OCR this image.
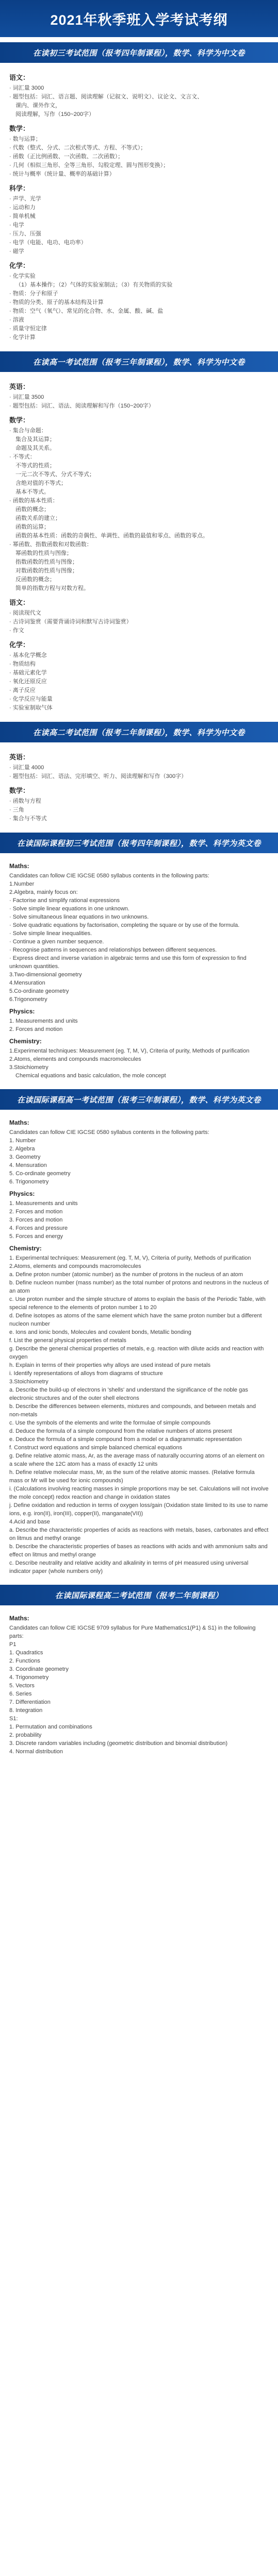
2021年秋季班入学考试考纲
在读初三考试范围（报考四年制课程），数学、科学为中文卷
语文：
· 词汇量 3000
· 题型包括：词汇、语言题、阅读理解（记叙文、说明文）、议论文、文言文、
课内、课外作文，
阅读理解，写作（150~200字）
数学：
· 数与运算；
· 代数（整式、分式、二次根式等式、方程、不等式）；
· 函数（正比例函数、一次函数、二次函数）；
· 几何（相似三角形、全等三角形、勾股定理、圆与图形变换）；
· 统计与概率（统计量、概率的基础计算）
科学：
· 声学、光学
· 运动和力
· 简单机械
· 电学
· 压力、压强
· 电学（电能、电功、电功率）
· 磁学
化学：
· 化学实验
（1）基本操作；（2）气体的实验室制法；（3）有关物质的实验
· 物质：分子和原子
· 物质的分类、原子的基本结构及计算
· 物质：空气（氧气）、常见的化合物、水、金属、酸、碱、盐
· 溶液
· 质量守恒定律
· 化学计算
在读高一考试范围（报考三年制课程），数学、科学为中文卷
英语：
· 词汇量 3500
· 题型包括：词汇、语法、阅读理解和写作（150~200字）
数学：
· 集合与命题：
集合及其运算；
命题及其关系。
· 不等式：
不等式的性质；
一元二次不等式、分式不等式；
含绝对值的不等式；
基本不等式。
· 函数的基本性质：
函数的概念；
函数关系的建立；
函数的运算；
函数的基本性质：函数的奇偶性、单调性、函数的最值和零点、函数的零点。
· 幂函数、指数函数和对数函数：
幂函数的性质与图像；
指数函数的性质与图像；
对数函数的性质与图像；
反函数的概念；
简单的指数方程与对数方程。
语文：
· 阅读现代文
· 古诗词鉴赏（需要背诵诗词和默写古诗词鉴赏）
· 作文
化学：
· 基本化学概念
· 物质结构
· 基础元素化学
· 氧化还原反应
· 离子反应
· 化学反应与能量
· 实验室制取气体
在读高二考试范围（报考二年制课程），数学、科学为中文卷
英语：
· 词汇量 4000
· 题型包括：词汇、语法、完形填空、听力、阅读理解和写作（300字）
数学：
· 函数与方程
· 三角
· 集合与不等式
在读国际课程初三考试范围（报考四年制课程），数学、科学为英文卷
Maths:
Candidates can follow CIE IGCSE 0580 syllabus contents in the following parts:
1.Number
2.Algebra, mainly focus on:
· Factorise and simplify rational expressions
· Solve simple linear equations in one unknown.
· Solve simultaneous linear equations in two unknowns.
· Solve quadratic equations by factorisation, completing the square or by use of the formula.
· Solve simple linear inequalities.
· Continue a given number sequence.
· Recognise patterns in sequences and relationships between different sequences.
· Express direct and inverse variation in algebraic terms and use this form of expression to find unknown quantities.
3.Two-dimensional geometry
4.Mensuration
5.Co-ordinate geometry
6.Trigonometry
Physics:
1. Measurements and units
2. Forces and motion
Chemistry:
1.Experimental techniques: Measurement (eg. T, M, V), Criteria of purity, Methods of purification
2.Atoms, elements and compounds macromolecules
3.Stoichiometry
Chemical equations and basic calculation, the mole concept
在读国际课程高一考试范围（报考三年制课程），数学、科学为英文卷
Maths:
Candidates can follow CIE IGCSE 0580 syllabus contents in the following parts:
1. Number
2. Algebra
3. Geometry
4. Mensuration
5. Co-ordinate geometry
6. Trigonometry
Physics:
1. Measurements and units
2. Forces and motion
3. Forces and motion
4. Forces and pressure
5. Forces and energy
Chemistry:
1. Experimental techniques: Measurement (eg. T, M, V), Criteria of purity, Methods of purification
2.Atoms, elements and compounds macromolecules
a. Define proton number (atomic number) as the number of protons in the nucleus of an atom
b. Define nucleon number (mass number) as the total number of protons and neutrons in the nucleus of an atom
c. Use proton number and the simple structure of atoms to explain the basis of the Periodic Table, with special reference to the elements of proton number 1 to 20
d. Define isotopes as atoms of the same element which have the same proton number but a different nucleon number
e. Ions and ionic bonds, Molecules and covalent bonds, Metallic bonding
f. List the general physical properties of metals
g. Describe the general chemical properties of metals, e.g. reaction with dilute acids and reaction with oxygen
h. Explain in terms of their properties why alloys are used instead of pure metals
i. Identify representations of alloys from diagrams of structure
3.Stoichiometry
a. Describe the build-up of electrons in 'shells' and understand the significance of the noble gas electronic structures and of the outer shell electrons
b. Describe the differences between elements, mixtures and compounds, and between metals and non-metals
c. Use the symbols of the elements and write the formulae of simple compounds
d. Deduce the formula of a simple compound from the relative numbers of atoms present
e. Deduce the formula of a simple compound from a model or a diagrammatic representation
f. Construct word equations and simple balanced chemical equations
g. Define relative atomic mass, Ar, as the average mass of naturally occurring atoms of an element on a scale where the 12C atom has a mass of exactly 12 units
h. Define relative molecular mass, Mr, as the sum of the relative atomic masses. (Relative formula mass or Mr will be used for ionic compounds)
i. (Calculations involving reacting masses in simple proportions may be set. Calculations will not involve the mole concept) redox reaction and change in oxidation states
j. Define oxidation and reduction in terms of oxygen loss/gain (Oxidation state limited to its use to name ions, e.g. iron(II), iron(III), copper(II), manganate(VII))
4.Acid and base
a. Describe the characteristic properties of acids as reactions with metals, bases, carbonates and effect on litmus and methyl orange
b. Describe the characteristic properties of bases as reactions with acids and with ammonium salts and effect on litmus and methyl orange
c. Describe neutrality and relative acidity and alkalinity in terms of pH measured using universal indicator paper (whole numbers only)
在读国际课程高二考试范围（报考二年制课程）
Maths:
Candidates can follow CIE IGCSE 9709 syllabus for Pure Mathematics1(P1) & S1) in the following parts:
P1
1. Quadratics
2. Functions
3. Coordinate geometry
4. Trigonometry
5. Vectors
6. Series
7. Differentiation
8. Integration
S1:
1. Permutation and combinations
2. probability
3. Discrete random variables including (geometric distribution and binomial distribution)
4. Normal distribution
